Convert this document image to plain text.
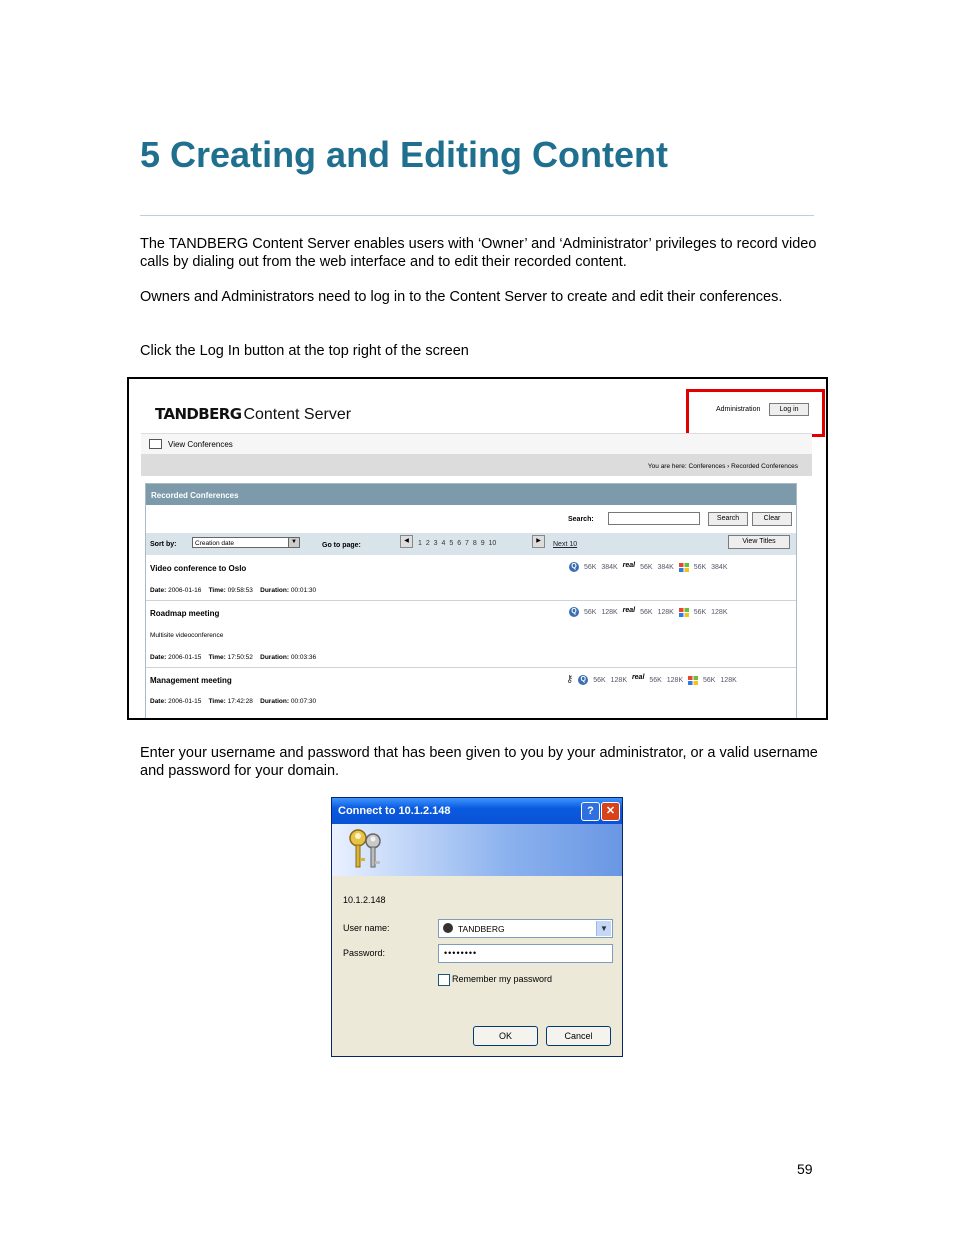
5 Creating and Editing Content
The TANDBERG Content Server enables users with ‘Owner’ and ‘Administrator’ privileges to record video calls by dialing out from the web interface and to edit their recorded content.
Owners and Administrators need to log in to the Content Server to create and edit their conferences.
Click the Log In button at the top right of the screen
TANDBERG Content Server	Administration	Log in
View Conferences
You are here: Conferences › Recorded Conferences
Recorded Conferences
Search:	Search	Clear
Sort by:	Creation date	▼	Go to page:
◀	1 2 3 4 5 6 7 8 9 10	▶	Next 10	View Titles
Video conference to Oslo
Date: 2006-01-16 Time: 09:58:53 Duration: 00:01:30
Q 56K 384K real 56K 384K	56K 384K
Roadmap meeting
Multisite videoconference
Date: 2006-01-15 Time: 17:50:52 Duration: 00:03:36
Q 56K 128K real 56K 128K	56K 128K
Management meeting
Date: 2006-01-15 Time: 17:42:28 Duration: 00:07:30
⚷ Q 56K 128K real 56K 128K	56K 128K
Enter your username and password that has been given to you by your administrator, or a valid username and password for your domain.
Connect to 10.1.2.148	?	✕
10.1.2.148
User name:	TANDBERG	▼
Password:	••••••••
Remember my password
OK	Cancel
59
